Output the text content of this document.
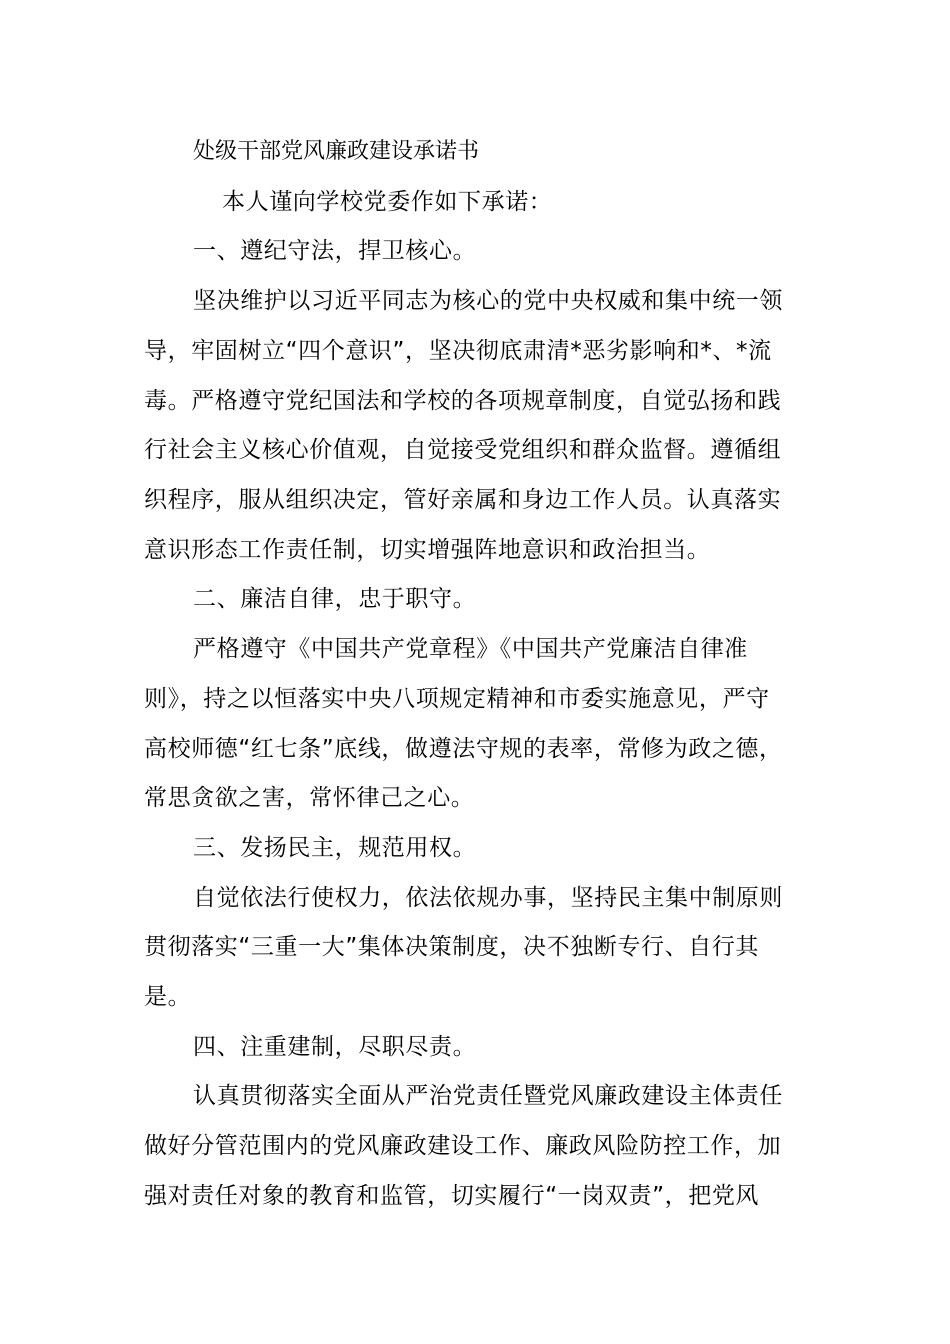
处级干部党风廉政建设承诺书
本人谨向学校党委作如下承诺：
一、遵纪守法，捍卫核心。
坚决维护以习近平同志为核心的党中央权威和集中统一领
导，牢固树立“四个意识”，坚决彻底肃清*恶劣影响和*、*流
毒。严格遵守党纪国法和学校的各项规章制度，自觉弘扬和践
行社会主义核心价值观，自觉接受党组织和群众监督。遵循组
织程序，服从组织决定，管好亲属和身边工作人员。认真落实
意识形态工作责任制，切实增强阵地意识和政治担当。
二、廉洁自律，忠于职守。
严格遵守《中国共产党章程》《中国共产党廉洁自律准
则》，持之以恒落实中央八项规定精神和市委实施意见，严守
高校师德“红七条”底线，做遵法守规的表率，常修为政之德，
常思贪欲之害，常怀律己之心。
三、发扬民主，规范用权。
自觉依法行使权力，依法依规办事，坚持民主集中制原则
贯彻落实“三重一大”集体决策制度，决不独断专行、自行其
是。
四、注重建制，尽职尽责。
认真贯彻落实全面从严治党责任暨党风廉政建设主体责任
做好分管范围内的党风廉政建设工作、廉政风险防控工作，加
强对责任对象的教育和监管，切实履行“一岗双责”，把党风
